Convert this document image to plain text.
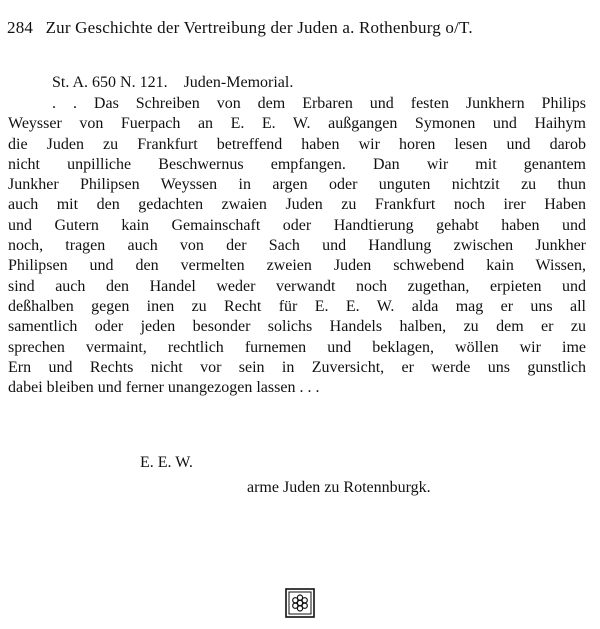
284 Zur Geschichte der Vertreibung der Juden a. Rothenburg o/T.
St. A. 650 N. 121. Juden-Memorial.
. . Das Schreiben von dem Erbaren und festen Junkhern Philips
Weysser von Fuerpach an E. E. W. außgangen Symonen und Haihym
die Juden zu Frankfurt betreffend haben wir horen lesen und darob
nicht unpilliche Beschwernus empfangen. Dan wir mit genantem
Junkher Philipsen Weyssen in argen oder unguten nichtzit zu thun
auch mit den gedachten zwaien Juden zu Frankfurt noch irer Haben
und Gutern kain Gemainschaft oder Handtierung gehabt haben und
noch, tragen auch von der Sach und Handlung zwischen Junkher
Philipsen und den vermelten zweien Juden schwebend kain Wissen,
sind auch den Handel weder verwandt noch zugethan, erpieten und
deßhalben gegen inen zu Recht für E. E. W. alda mag er uns all
samentlich oder jeden besonder solichs Handels halben, zu dem er zu
sprechen vermaint, rechtlich furnemen und beklagen, wöllen wir ime
Ern und Rechts nicht vor sein in Zuversicht, er werde uns gunstlich
dabei bleiben und ferner unangezogen lassen . . .
E. E. W.
arme Juden zu Rotennburgk.
